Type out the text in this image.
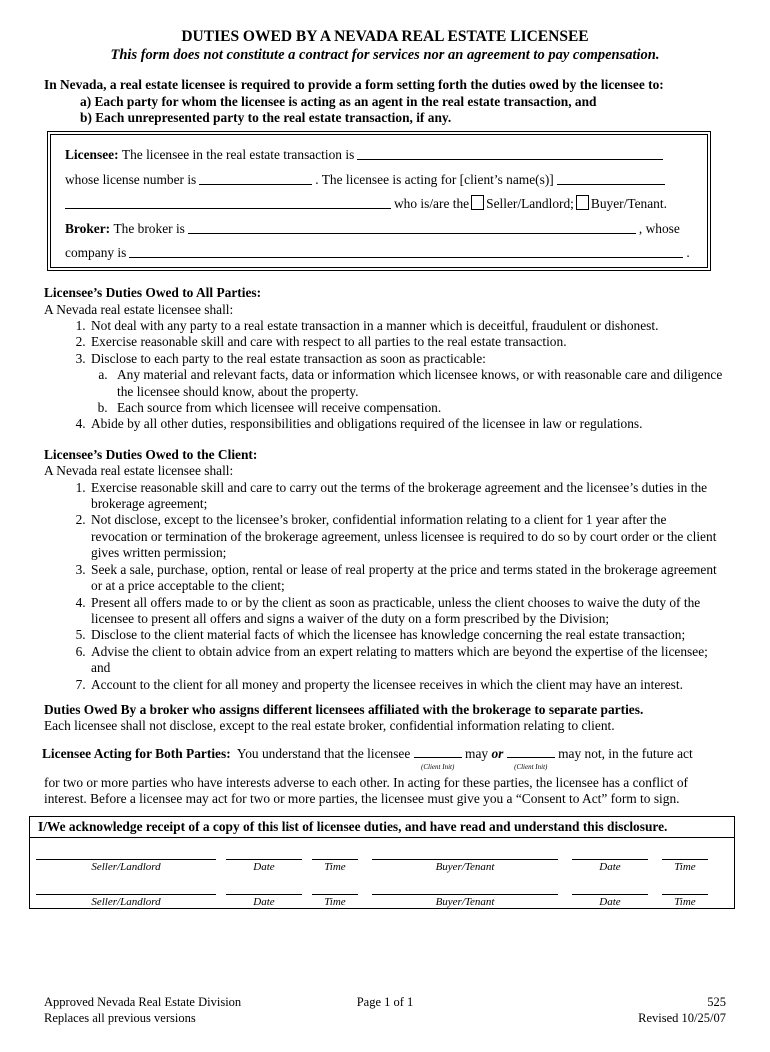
DUTIES OWED BY A NEVADA REAL ESTATE LICENSEE
This form does not constitute a contract for services nor an agreement to pay compensation.
In Nevada, a real estate licensee is required to provide a form setting forth the duties owed by the licensee to:
a) Each party for whom the licensee is acting as an agent in the real estate transaction, and
b) Each unrepresented party to the real estate transaction, if any.
Licensee:
The licensee in the real estate transaction is
whose license number is	. The licensee is acting for [client’s name(s)]
who is/are the Seller/Landlord; Buyer/Tenant.
Broker:
The broker is	, whose
company is	.
Licensee’s Duties Owed to All Parties:

A Nevada real estate licensee shall:

1. Not deal with any party to a real estate transaction in a manner which is deceitful, fraudulent or dishonest.
2. Exercise reasonable skill and care with respect to all parties to the real estate transaction.
3. Disclose to each party to the real estate transaction as soon as practicable:
a. Any material and relevant facts, data or information which licensee knows, or with reasonable care and diligence the licensee should know, about the property.
b. Each source from which licensee will receive compensation.
4. Abide by all other duties, responsibilities and obligations required of the licensee in law or regulations.
Licensee’s Duties Owed to the Client:

A Nevada real estate licensee shall:

1. Exercise reasonable skill and care to carry out the terms of the brokerage agreement and the licensee’s duties in the brokerage agreement;
2. Not disclose, except to the licensee’s broker, confidential information relating to a client for 1 year after the revocation or termination of the brokerage agreement, unless licensee is required to do so by court order or the client gives written permission;
3. Seek a sale, purchase, option, rental or lease of real property at the price and terms stated in the brokerage agreement or at a price acceptable to the client;
4. Present all offers made to or by the client as soon as practicable, unless the client chooses to waive the duty of the licensee to present all offers and signs a waiver of the duty on a form prescribed by the Division;
5. Disclose to the client material facts of which the licensee has knowledge concerning the real estate transaction;
6. Advise the client to obtain advice from an expert relating to matters which are beyond the expertise of the licensee; and
7. Account to the client for all money and property the licensee receives in which the client may have an interest.
Duties Owed By a broker who assigns different licensees affiliated with the brokerage to separate parties.

Each licensee shall not disclose, except to the real estate broker, confidential information relating to client.

Licensee Acting for Both Parties: You understand that the licensee
(Client Init)
may or
(Client Init)
may not, in the future act
for two or more parties who have interests adverse to each other. In acting for these parties, the licensee has a conflict of interest. Before a licensee may act for two or more parties, the licensee must give you a “Consent to Act” form to sign.
I/We acknowledge receipt of a copy of this list of licensee duties, and have read and understand this disclosure.
Seller/Landlord	Date	Time	Buyer/Tenant	Date	Time
Seller/Landlord	Date	Time	Buyer/Tenant	Date	Time
Approved Nevada Real Estate Division
Replaces all previous versions
Page 1 of 1	525
Revised 10/25/07
